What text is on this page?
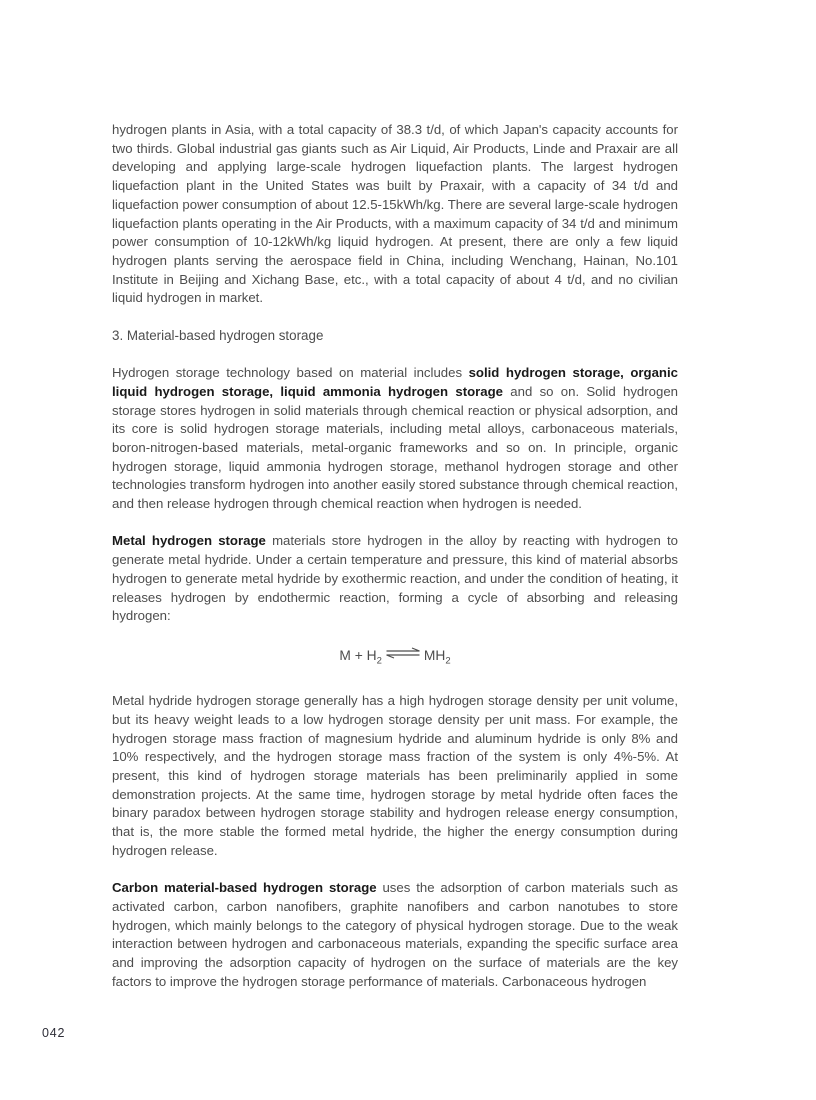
hydrogen plants in Asia, with a total capacity of 38.3 t/d, of which Japan's capacity accounts for two thirds. Global industrial gas giants such as Air Liquid, Air Products, Linde and Praxair are all developing and applying large-scale hydrogen liquefaction plants. The largest hydrogen liquefaction plant in the United States was built by Praxair, with a capacity of 34 t/d and liquefaction power consumption of about 12.5-15kWh/kg. There are several large-scale hydrogen liquefaction plants operating in the Air Products, with a maximum capacity of 34 t/d and minimum power consumption of 10-12kWh/kg liquid hydrogen. At present, there are only a few liquid hydrogen plants serving the aerospace field in China, including Wenchang, Hainan, No.101 Institute in Beijing and Xichang Base, etc., with a total capacity of about 4 t/d, and no civilian liquid hydrogen in market.

3. Material-based hydrogen storage

Hydrogen storage technology based on material includes solid hydrogen storage, organic liquid hydrogen storage, liquid ammonia hydrogen storage and so on. Solid hydrogen storage stores hydrogen in solid materials through chemical reaction or physical adsorption, and its core is solid hydrogen storage materials, including metal alloys, carbonaceous materials, boron-nitrogen-based materials, metal-organic frameworks and so on. In principle, organic hydrogen storage, liquid ammonia hydrogen storage, methanol hydrogen storage and other technologies transform hydrogen into another easily stored substance through chemical reaction, and then release hydrogen through chemical reaction when hydrogen is needed.

Metal hydrogen storage materials store hydrogen in the alloy by reacting with hydrogen to generate metal hydride. Under a certain temperature and pressure, this kind of material absorbs hydrogen to generate metal hydride by exothermic reaction, and under the condition of heating, it releases hydrogen by endothermic reaction, forming a cycle of absorbing and releasing hydrogen:

$M + H_2$ ⇌ $MH_2$

Metal hydride hydrogen storage generally has a high hydrogen storage density per unit volume, but its heavy weight leads to a low hydrogen storage density per unit mass. For example, the hydrogen storage mass fraction of magnesium hydride and aluminum hydride is only 8% and 10% respectively, and the hydrogen storage mass fraction of the system is only 4%-5%. At present, this kind of hydrogen storage materials has been preliminarily applied in some demonstration projects. At the same time, hydrogen storage by metal hydride often faces the binary paradox between hydrogen storage stability and hydrogen release energy consumption, that is, the more stable the formed metal hydride, the higher the energy consumption during hydrogen release.

Carbon material-based hydrogen storage uses the adsorption of carbon materials such as activated carbon, carbon nanofibers, graphite nanofibers and carbon nanotubes to store hydrogen, which mainly belongs to the category of physical hydrogen storage. Due to the weak interaction between hydrogen and carbonaceous materials, expanding the specific surface area and improving the adsorption capacity of hydrogen on the surface of materials are the key factors to improve the hydrogen storage performance of materials. Carbonaceous hydrogen

042
